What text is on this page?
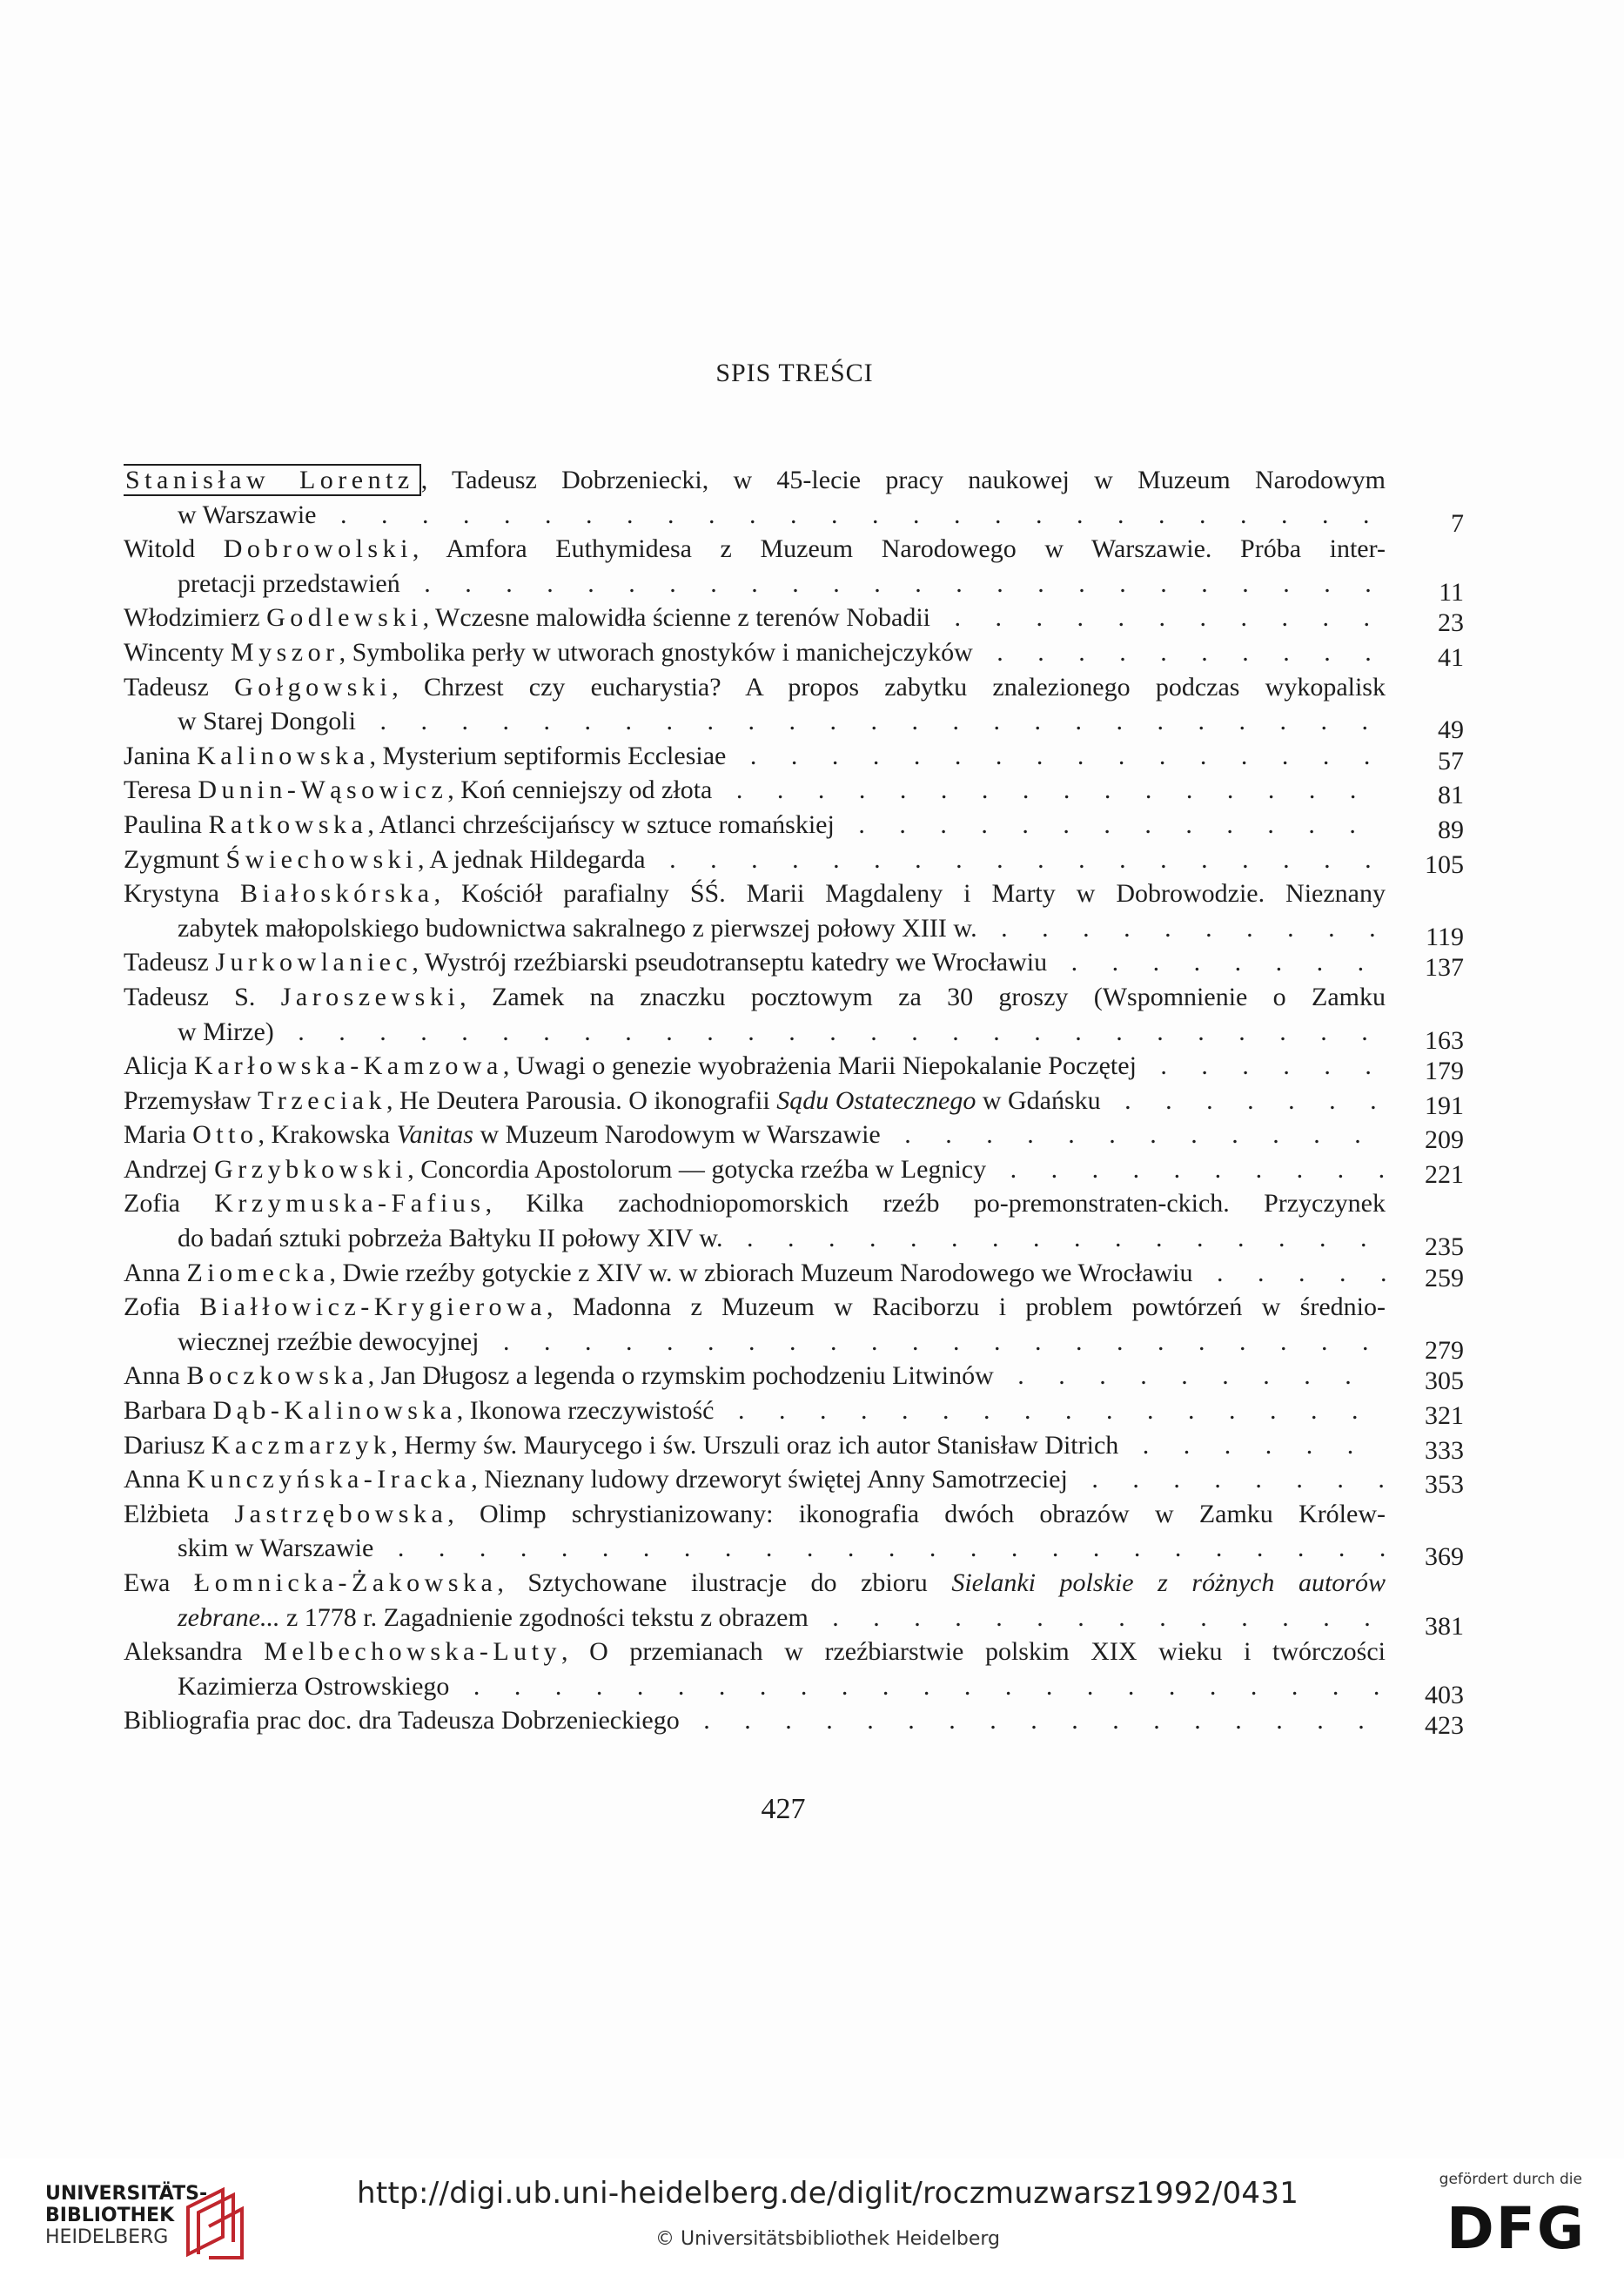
SPIS TREŚCI
Stanisław Lorentz , Tadeusz Dobrzeniecki, w 45-lecie pracy naukowej w Muzeum Narodowym
w Warszawie . . .	7
Witold Dobrowolski, Amfora Euthymidesa z Muzeum Narodowego w Warszawie. Próba inter-
pretacji przedstawień . . .	11
Włodzimierz Godlewski, Wczesne malowidła ścienne z terenów Nobadii . . .	23
Wincenty Myszor, Symbolika perły w utworach gnostyków i manichejczyków . . .	41
Tadeusz Gołgowski, Chrzest czy eucharystia? A propos zabytku znalezionego podczas wykopalisk
w Starej Dongoli . . .	49
Janina Kalinowska, Mysterium septiformis Ecclesiae . . .	57
Teresa Dunin-Wąsowicz, Koń cenniejszy od złota . . .	81
Paulina Ratkowska, Atlanci chrześcijańscy w sztuce romańskiej . . .	89
Zygmunt Świechowski, A jednak Hildegarda . . .	105
Krystyna Białoskórska, Kościół parafialny ŚŚ. Marii Magdaleny i Marty w Dobrowodzie. Nieznany
zabytek małopolskiego budownictwa sakralnego z pierwszej połowy XIII w. . . .	119
Tadeusz Jurkowlaniec, Wystrój rzeźbiarski pseudotranseptu katedry we Wrocławiu . . .	137
Tadeusz S. Jaroszewski, Zamek na znaczku pocztowym za 30 groszy (Wspomnienie o Zamku
w Mirze) . . .	163
Alicja Karłowska-Kamzowa, Uwagi o genezie wyobrażenia Marii Niepokalanie Poczętej . . .	179
Przemysław Trzeciak, He Deutera Parousia. O ikonografii Sądu Ostatecznego w Gdańsku . . .	191
Maria Otto, Krakowska Vanitas w Muzeum Narodowym w Warszawie . . .	209
Andrzej Grzybkowski, Concordia Apostolorum — gotycka rzeźba w Legnicy . . .	221
Zofia Krzymuska-Fafius, Kilka zachodniopomorskich rzeźb po-premonstraten-ckich. Przyczynek
do badań sztuki pobrzeża Bałtyku II połowy XIV w. . . .	235
Anna Ziomecka, Dwie rzeźby gotyckie z XIV w. w zbiorach Muzeum Narodowego we Wrocławiu . . .	259
Zofia Białłowicz-Krygierowa, Madonna z Muzeum w Raciborzu i problem powtórzeń w średnio-
wiecznej rzeźbie dewocyjnej . . .	279
Anna Boczkowska, Jan Długosz a legenda o rzymskim pochodzeniu Litwinów . . .	305
Barbara Dąb-Kalinowska, Ikonowa rzeczywistość . . .	321
Dariusz Kaczmarzyk, Hermy św. Maurycego i św. Urszuli oraz ich autor Stanisław Ditrich . . .	333
Anna Kunczyńska-Iracka, Nieznany ludowy drzeworyt świętej Anny Samotrzeciej . . .	353
Elżbieta Jastrzębowska, Olimp schrystianizowany: ikonografia dwóch obrazów w Zamku Królew-
skim w Warszawie . . .	369
Ewa Łomnicka-Żakowska, Sztychowane ilustracje do zbioru Sielanki polskie z różnych autorów
zebrane... z 1778 r. Zagadnienie zgodności tekstu z obrazem . . .	381
Aleksandra Melbechowska-Luty, O przemianach w rzeźbiarstwie polskim XIX wieku i twórczości
Kazimierza Ostrowskiego . . .	403
Bibliografia prac doc. dra Tadeusza Dobrzenieckiego . . .	423
427
UNIVERSITÄTS-
BIBLIOTHEK
HEIDELBERG
http://digi.ub.uni-heidelberg.de/diglit/roczmuzwarsz1992/0431
© Universitätsbibliothek Heidelberg
gefördert durch die
DFG
